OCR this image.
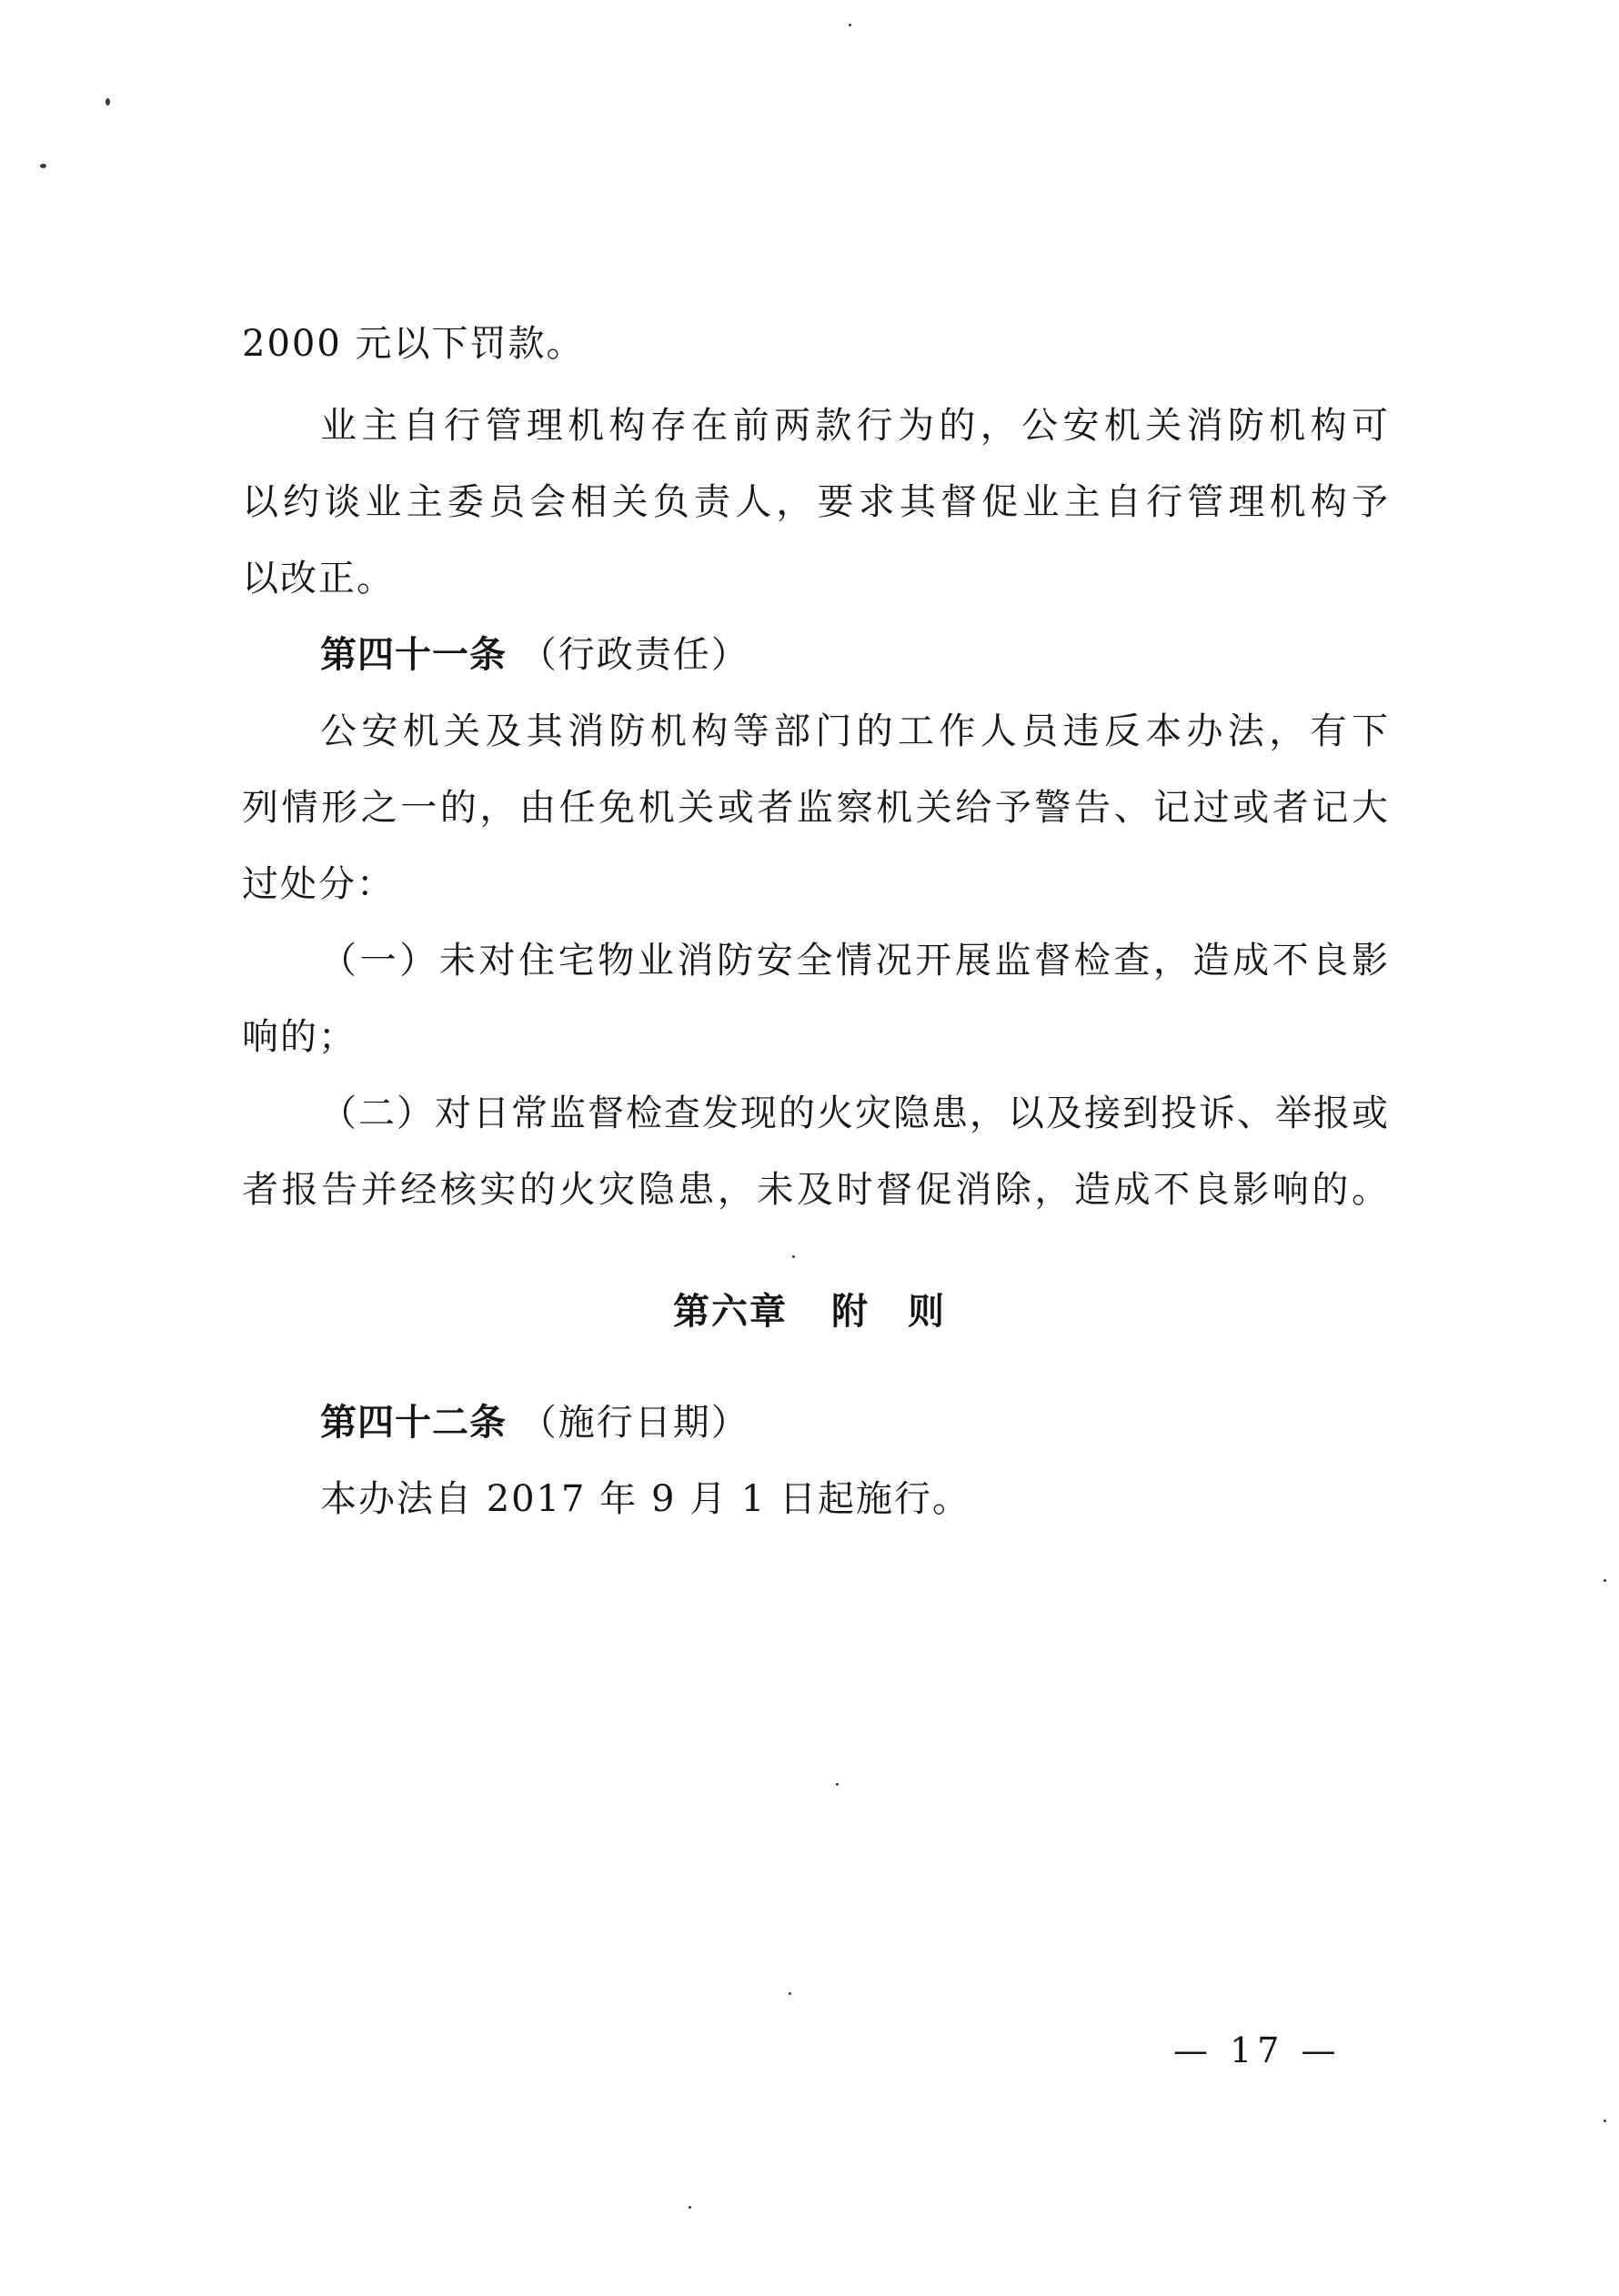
2000 元以下罚款。
业主自行管理机构存在前两款行为的，公安机关消防机构可
以约谈业主委员会相关负责人，要求其督促业主自行管理机构予
以改正。
第四十一条 （行政责任）
公安机关及其消防机构等部门的工作人员违反本办法，有下
列情形之一的，由任免机关或者监察机关给予警告、记过或者记大
过处分：
（一）未对住宅物业消防安全情况开展监督检查，造成不良影
响的；
（二）对日常监督检查发现的火灾隐患，以及接到投诉、举报或
者报告并经核实的火灾隐患，未及时督促消除，造成不良影响的。
第六章 附　则
第四十二条 （施行日期）
本办法自 2017 年 9 月 1 日起施行。
— 17 —
